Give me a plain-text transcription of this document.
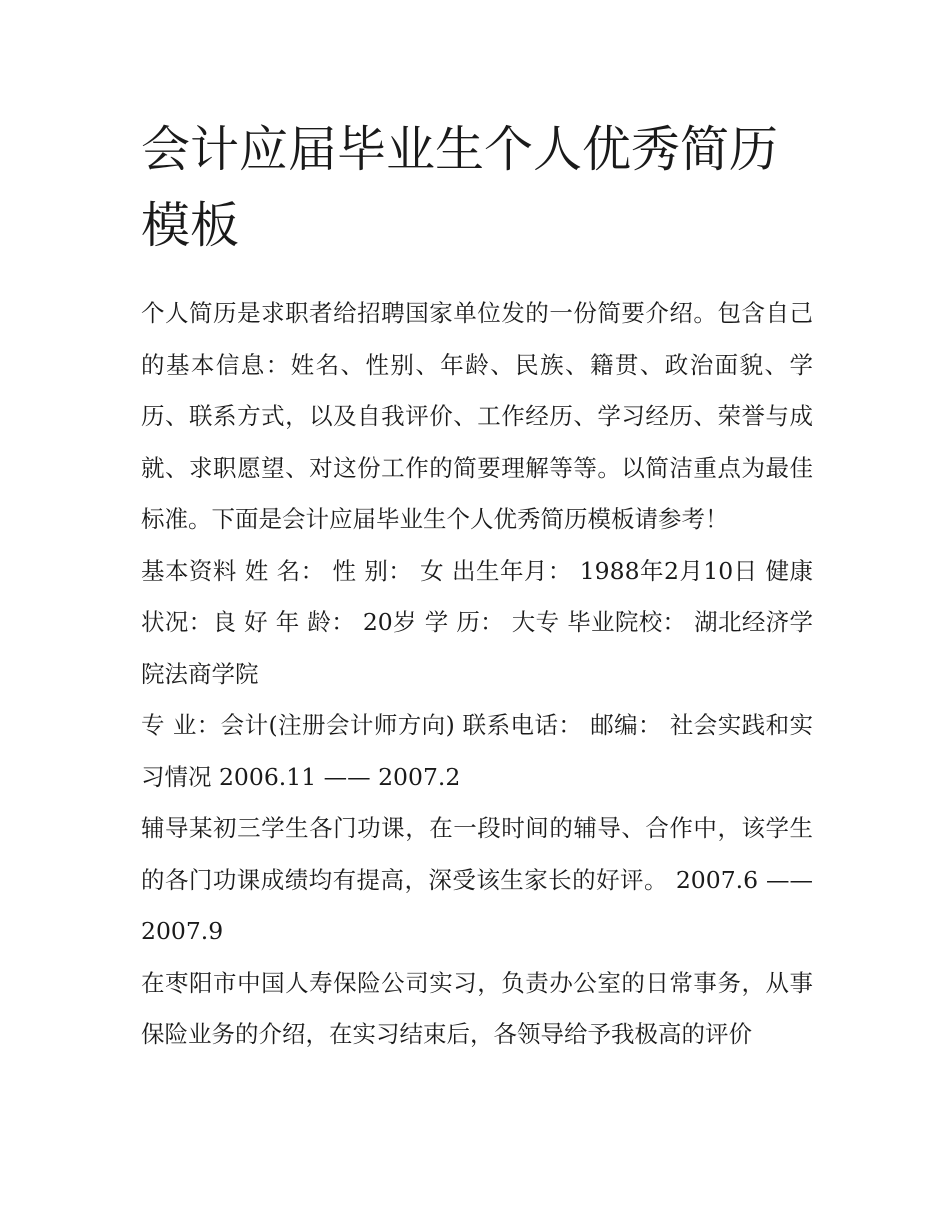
会计应届毕业生个人优秀简历模板

个人简历是求职者给招聘国家单位发的一份简要介绍。包含自己的基本信息：姓名、性别、年龄、民族、籍贯、政治面貌、学历、联系方式，以及自我评价、工作经历、学习经历、荣誉与成就、求职愿望、对这份工作的简要理解等等。以简洁重点为最佳标准。下面是会计应届毕业生个人优秀简历模板请参考！

基本资料 姓 名： 性 别： 女 出生年月： 1988年2月10日 健康状况：良 好 年 龄： 20岁 学 历： 大专 毕业院校： 湖北经济学院法商学院

专 业：会计(注册会计师方向) 联系电话： 邮编： 社会实践和实习情况 2006.11 —— 2007.2

辅导某初三学生各门功课，在一段时间的辅导、合作中，该学生的各门功课成绩均有提高，深受该生家长的好评。 2007.6 —— 2007.9

在枣阳市中国人寿保险公司实习，负责办公室的日常事务，从事保险业务的介绍，在实习结束后，各领导给予我极高的评价
